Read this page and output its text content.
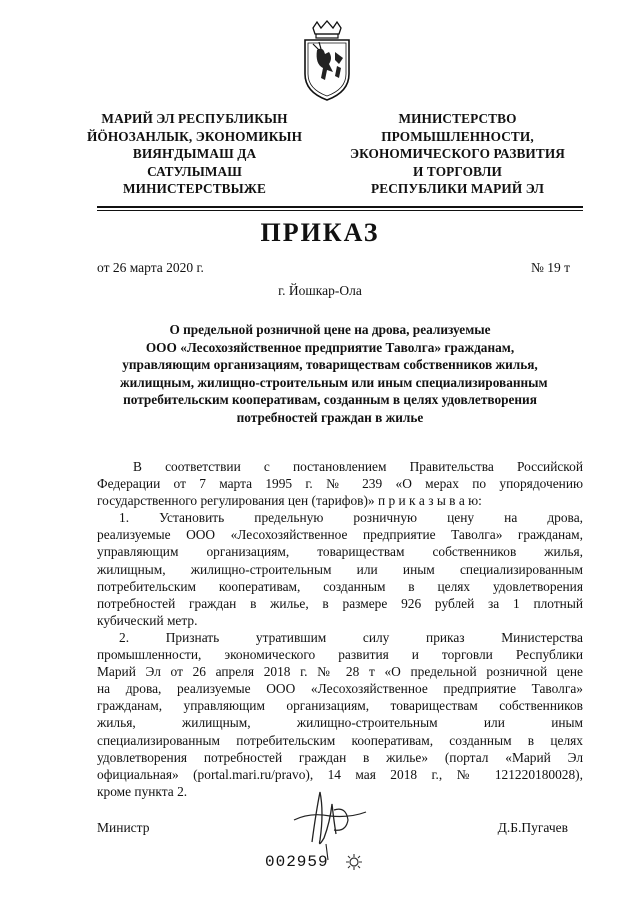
МАРИЙ ЭЛ РЕСПУБЛИКЫН
ЙӦНОЗАНЛЫК, ЭКОНОМИКЫН
ВИЯҤДЫМАШ ДА
САТУЛЫМАШ
МИНИСТЕРСТВЫЖЕ
МИНИСТЕРСТВО
ПРОМЫШЛЕННОСТИ,
ЭКОНОМИЧЕСКОГО РАЗВИТИЯ
И ТОРГОВЛИ
РЕСПУБЛИКИ МАРИЙ ЭЛ
ПРИКАЗ
от 26 марта 2020 г.	№ 19 т
г. Йошкар-Ола
О предельной розничной цене на дрова, реализуемые
ООО «Лесохозяйственное предприятие Таволга» гражданам,
управляющим организациям, товариществам собственников жилья,
жилищным, жилищно-строительным или иным специализированным
потребительским кооперативам, созданным в целях удовлетворения
потребностей граждан в жилье
В соответствии с постановлением Правительства Российской
Федерации от 7 марта 1995 г. № 239 «О мерах по упорядочению
государственного регулирования цен (тарифов)» п р и к а з ы в а ю:
1. Установить предельную розничную цену на дрова,
реализуемые ООО «Лесохозяйственное предприятие Таволга» гражданам,
управляющим организациям, товариществам собственников жилья,
жилищным, жилищно-строительным или иным специализированным
потребительским кооперативам, созданным в целях удовлетворения
потребностей граждан в жилье, в размере 926 рублей за 1 плотный
кубический метр.
2. Признать утратившим силу приказ Министерства
промышленности, экономического развития и торговли Республики
Марий Эл от 26 апреля 2018 г. № 28 т «О предельной розничной цене
на дрова, реализуемые ООО «Лесохозяйственное предприятие Таволга»
гражданам, управляющим организациям, товариществам собственников
жилья, жилищным, жилищно-строительным или иным
специализированным потребительским кооперативам, созданным в целях
удовлетворения потребностей граждан в жилье» (портал «Марий Эл
официальная» (portal.mari.ru/pravo), 14 мая 2018 г., № 121220180028),
кроме пункта 2.
Министр	Д.Б.Пугачев
002959
